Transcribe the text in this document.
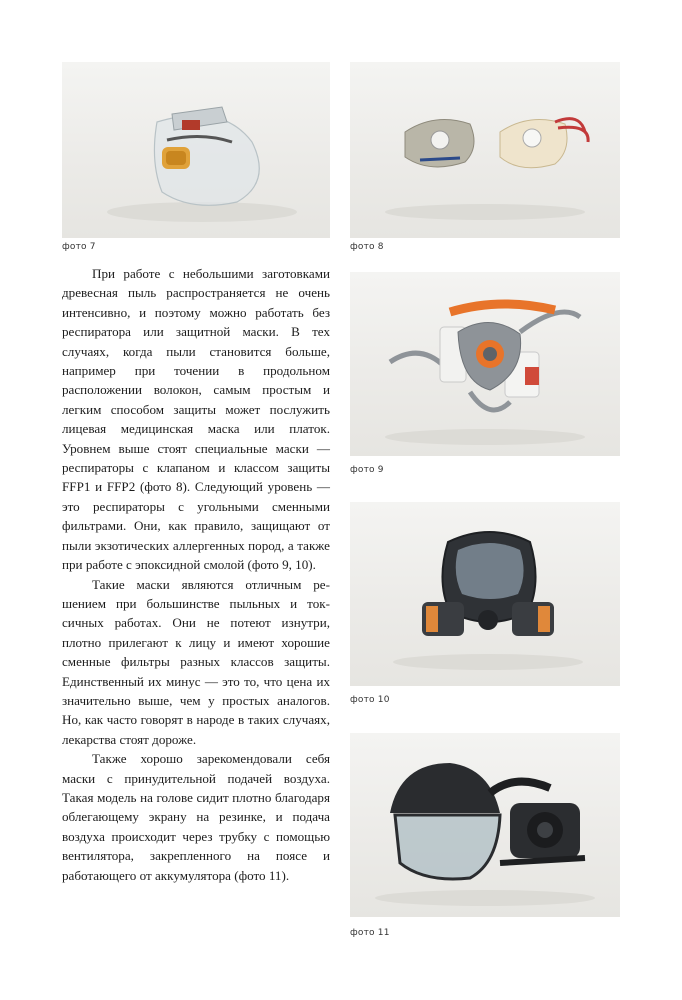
фото 7	фото 8
фото 9
фото 10
фото 11

При работе с небольшими заготовками древесная пыль распространяется не очень интенсивно, и поэтому можно работать без респиратора или защитной маски. В тех случаях, когда пыли становится больше, например при точении в продольном расположении волокон, самым простым и легким способом защиты может послужить лицевая медицинская маска или платок. Уровнем выше стоят специальные маски — респираторы с клапаном и классом защиты FFP1 и FFP2 (фото 8). Следующий уровень — это респираторы с угольными сменными фильтрами. Они, как правило, защищают от пыли экзотических аллергенных пород, а также при работе с эпоксидной смолой (фото 9, 10).

Такие маски являются отличным решением при большинстве пыльных и токсичных работах. Они не потеют изнутри, плотно прилегают к лицу и имеют хорошие сменные фильтры разных классов защиты. Единственный их минус — это то, что цена их значительно выше, чем у простых аналогов. Но, как часто говорят в народе в таких случаях, лекарства стоят дороже.

Также хорошо зарекомендовали себя маски с принудительной подачей воздуха. Такая модель на голове сидит плотно благодаря облегающему экрану на резинке, и подача воздуха происходит через трубку с помощью вентилятора, закрепленного на поясе и работающего от аккумулятора (фото 11).
